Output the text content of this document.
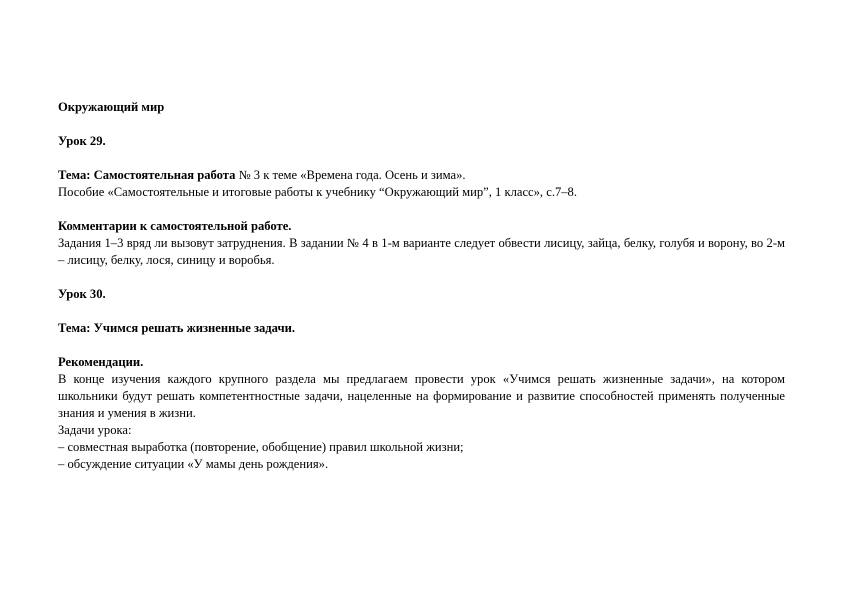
Окружающий мир

Урок 29.

Тема: Самостоятельная работа № 3 к теме «Времена года. Осень и зима».

Пособие «Самостоятельные и итоговые работы к учебнику “Окружающий мир”, 1 класс», с.7–8.

Комментарии к самостоятельной работе.

Задания 1–3 вряд ли вызовут затруднения. В задании № 4 в 1-м варианте следует обвести лисицу, зайца, белку, голубя и ворону, во 2-м – лисицу, белку, лося, синицу и воробья.

Урок 30.

Тема: Учимся решать жизненные задачи.

Рекомендации.

В конце изучения каждого крупного раздела мы предлагаем провести урок «Учимся решать жизненные задачи», на котором школьники будут решать компетентностные задачи, нацеленные на формирование и развитие способностей применять полученные знания и умения в жизни.

Задачи урока:

– совместная выработка (повторение, обобщение) правил школьной жизни;

– обсуждение ситуации «У мамы день рождения».
